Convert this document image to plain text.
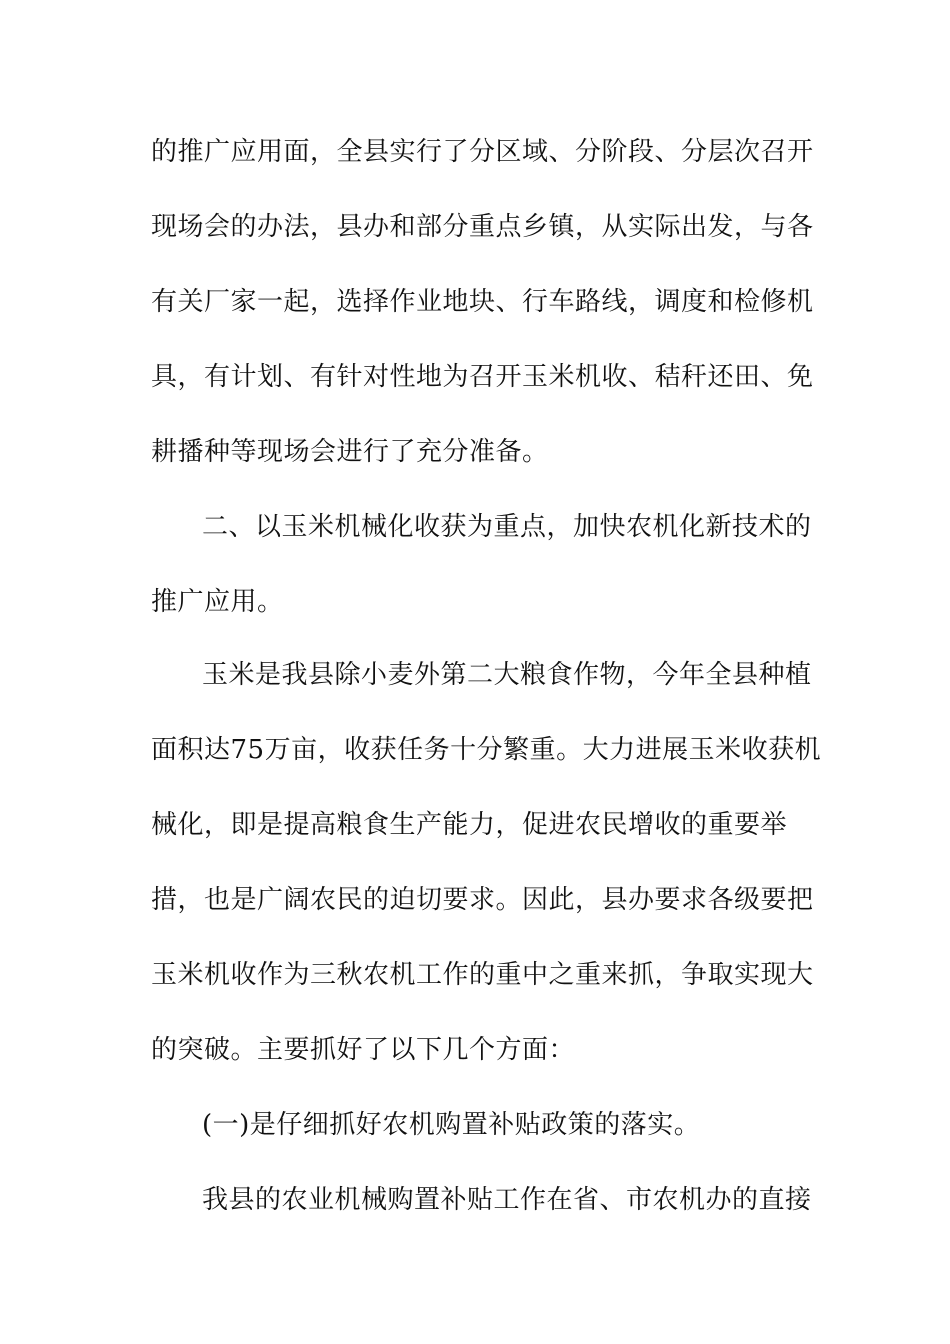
的推广应用面，全县实行了分区域、分阶段、分层次召开
现场会的办法，县办和部分重点乡镇，从实际出发，与各
有关厂家一起，选择作业地块、行车路线，调度和检修机
具，有计划、有针对性地为召开玉米机收、秸秆还田、免
耕播种等现场会进行了充分准备。
二、以玉米机械化收获为重点，加快农机化新技术的
推广应用。
玉米是我县除小麦外第二大粮食作物，今年全县种植
面积达75万亩，收获任务十分繁重。大力进展玉米收获机
械化，即是提高粮食生产能力，促进农民增收的重要举
措，也是广阔农民的迫切要求。因此，县办要求各级要把
玉米机收作为三秋农机工作的重中之重来抓，争取实现大
的突破。主要抓好了以下几个方面：
(一)是仔细抓好农机购置补贴政策的落实。
我县的农业机械购置补贴工作在省、市农机办的直接
